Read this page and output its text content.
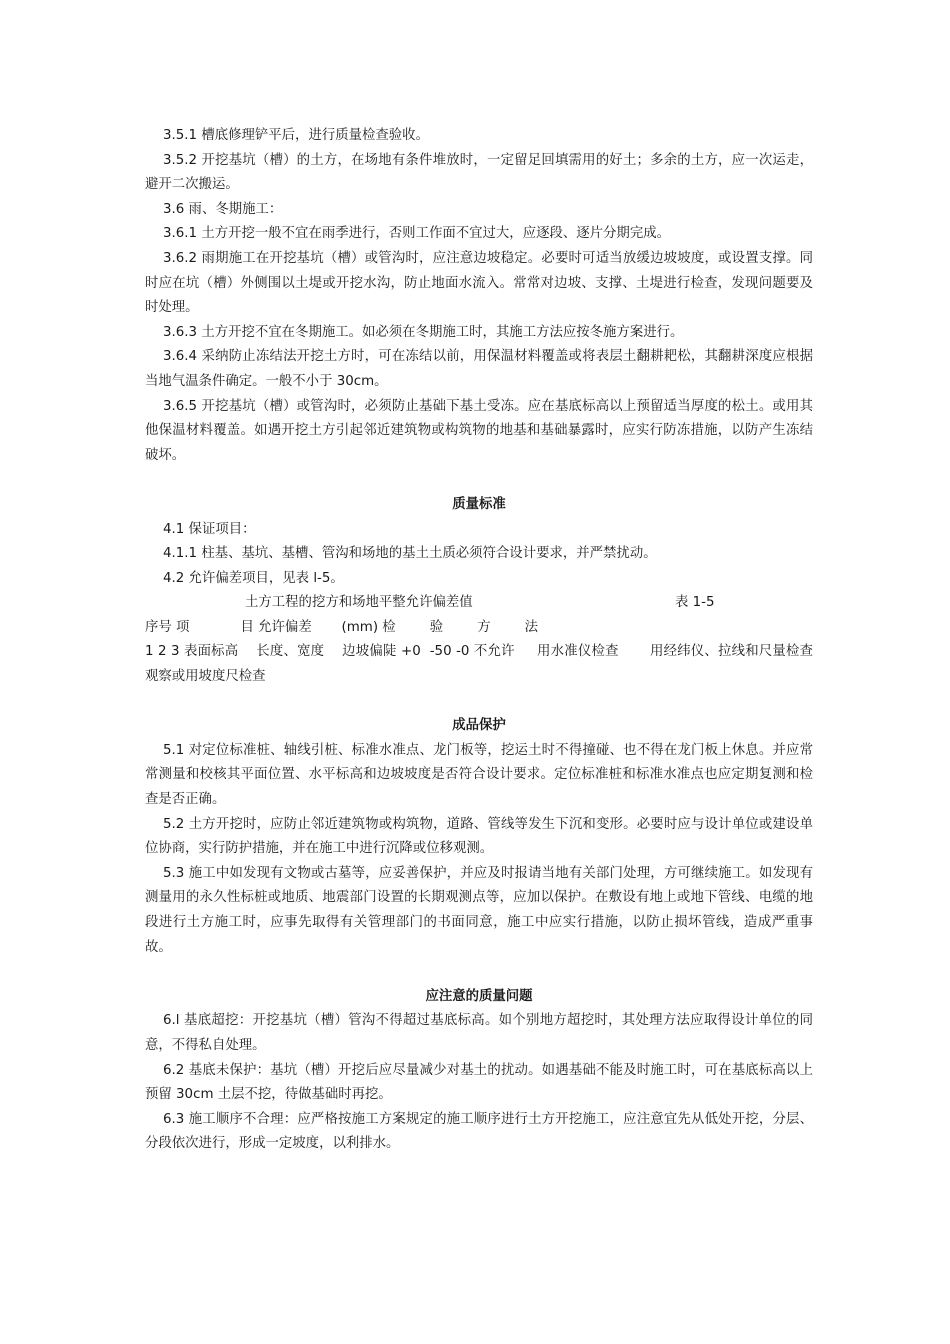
3.5.1 槽底修理铲平后，进行质量检查验收。

3.5.2 开挖基坑（槽）的土方，在场地有条件堆放时，一定留足回填需用的好土；多余的土方，应一次运走，避开二次搬运。

3.6 雨、冬期施工：

3.6.1 土方开挖一般不宜在雨季进行，否则工作面不宜过大，应逐段、逐片分期完成。

3.6.2 雨期施工在开挖基坑（槽）或管沟时，应注意边坡稳定。必要时可适当放缓边坡坡度，或设置支撑。同时应在坑（槽）外侧围以土堤或开挖水沟，防止地面水流入。常常对边坡、支撑、土堤进行检查，发现问题要及时处理。

3.6.3 土方开挖不宜在冬期施工。如必须在冬期施工时，其施工方法应按冬施方案进行。

3.6.4 采纳防止冻结法开挖土方时，可在冻结以前，用保温材料覆盖或将表层土翻耕耙松，其翻耕深度应根据当地气温条件确定。一般不小于 30cm。

3.6.5 开挖基坑（槽）或管沟时，必须防止基础下基土受冻。应在基底标高以上预留适当厚度的松土。或用其他保温材料覆盖。如遇开挖土方引起邻近建筑物或构筑物的地基和基础暴露时，应实行防冻措施，以防产生冻结破坏。

质量标准

4.1 保证项目：

4.1.1 柱基、基坑、基槽、管沟和场地的基土土质必须符合设计要求，并严禁扰动。

4.2 允许偏差项目，见表 l-5。

土方工程的挖方和场地平整允许偏差值	表 1-5

序号 项            目 允许偏差       (mm) 检        验        方        法

1 2 3 表面标高    长度、宽度    边坡偏陡 +0  -50 -0 不允许     用水准仪检查       用经纬仪、拉线和尺量检查       观察或用坡度尺检查

成品保护

5.1 对定位标准桩、轴线引桩、标准水准点、龙门板等，挖运土时不得撞碰、也不得在龙门板上休息。并应常常测量和校核其平面位置、水平标高和边坡坡度是否符合设计要求。定位标准桩和标准水准点也应定期复测和检查是否正确。

5.2 土方开挖时，应防止邻近建筑物或构筑物，道路、管线等发生下沉和变形。必要时应与设计单位或建设单位协商，实行防护措施，并在施工中进行沉降或位移观测。

5.3 施工中如发现有文物或古墓等，应妥善保护，并应及时报请当地有关部门处理，方可继续施工。如发现有测量用的永久性标桩或地质、地震部门设置的长期观测点等，应加以保护。在敷设有地上或地下管线、电缆的地段进行土方施工时，应事先取得有关管理部门的书面同意，施工中应实行措施，以防止损坏管线，造成严重事故。

应注意的质量问题

6.l 基底超挖：开挖基坑（槽）管沟不得超过基底标高。如个别地方超挖时，其处理方法应取得设计单位的同意，不得私自处理。

6.2 基底未保护：基坑（槽）开挖后应尽量减少对基土的扰动。如遇基础不能及时施工时，可在基底标高以上预留 30cm 土层不挖，待做基础时再挖。

6.3 施工顺序不合理：应严格按施工方案规定的施工顺序进行土方开挖施工，应注意宜先从低处开挖，分层、分段依次进行，形成一定坡度，以利排水。
